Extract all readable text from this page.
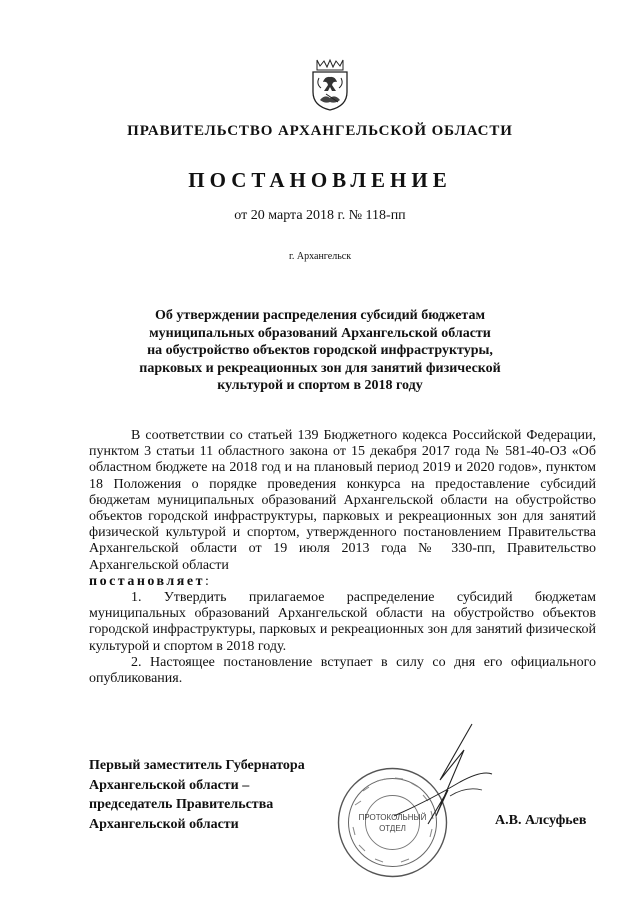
ПРАВИТЕЛЬСТВО АРХАНГЕЛЬСКОЙ ОБЛАСТИ
ПОСТАНОВЛЕНИЕ
от 20 марта 2018 г. № 118-пп
г. Архангельск
Об утверждении распределения субсидий бюджетам
муниципальных образований Архангельской области
на обустройство объектов городской инфраструктуры,
парковых и рекреационных зон для занятий физической
культурой и спортом в 2018 году

В соответствии со статьей 139 Бюджетного кодекса Российской Федерации, пунктом 3 статьи 11 областного закона от 15 декабря 2017 года № 581-40-ОЗ «Об областном бюджете на 2018 год и на плановый период 2019 и 2020 годов», пунктом 18 Положения о порядке проведения конкурса на предоставление субсидий бюджетам муниципальных образований Архангельской области на обустройство объектов городской инфраструктуры, парковых и рекреационных зон для занятий физической культурой и спортом, утвержденного постановлением Правительства Архангельской области от 19 июля 2013 года № 330-пп, Правительство Архангельской области

постановляет:

1. Утвердить прилагаемое распределение субсидий бюджетам муниципальных образований Архангельской области на обустройство объектов городской инфраструктуры, парковых и рекреационных зон для занятий физической культурой и спортом в 2018 году.

2. Настоящее постановление вступает в силу со дня его официального опубликования.

ПРОТОКОЛЬНЫЙ
ОТДЕЛ
Первый заместитель Губернатора
Архангельской области –
председатель Правительства
Архангельской области	А.В. Алсуфьев
